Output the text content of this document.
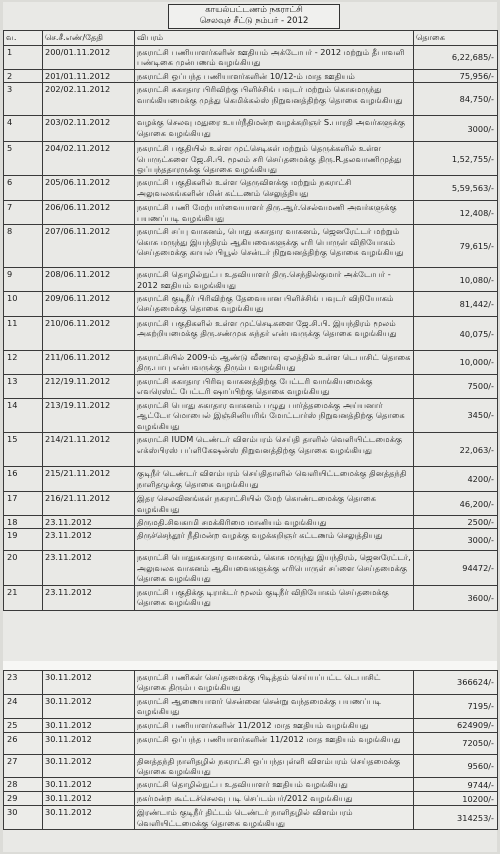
காயல்பட்டணம் நகராட்சி
செலவுச் சீட்டு நம்பர் - 2012
வ.	செ.சீ.எண்/தேதி	விபரம்	தொகை
1	200/01.11.2012	நகராட்சி பணியாளர்களின் ஊதியம் அக்டோபர் - 2012 மற்றும் தீபாவளி பண்டிகை முன்பணம் வழங்கியது	6,22,685/-
2	201/01.11.2012	நகராட்சி ஒப்பந்த பணியாளர்களின் 10/12-ம் மாத ஊதியம்	75,956/-
3	202/02.11.2012	நகராட்சி சுகாதார பிரிவிற்கு பிளிச்சிங் பவுடர் மற்றும் கொசுமருந்து வாங்கியமைக்கு முத்து கெமிக்கல்ஸ் நிறுவனத்திற்கு தொகை வழங்கியது	84,750/-
4	203/02.11.2012	வழக்கு செலவு மதுரை உயர்நீதிமன்ற வழக்கறிஞர் S.பாரதி அவர்களுக்கு தொகை வழங்கியது	3000/-
5	204/02.11.2012	நகராட்சி பகுதியில் உள்ள முட்செடிகள் மற்றும் தெருக்களில் உள்ள பொருட்களை ஜே.சி.பி. மூலம் சரி செய்தமைக்கு திரு.R.தலவாணிமுத்து ஒப்பந்ததாரருக்கு தொகை வழங்கியது	1,52,755/-
6	205/06.11.2012	நகராட்சி பகுதிகளில் உள்ள தெருவிளக்கு மற்றும் நகராட்சி அலுவலகங்களின் மின் கட்டணம் செலுத்தியது	5,59,563/-
7	206/06.11.2012	நகராட்சி பணி மேற்பார்வையாளர் திரு.ஆர்.செல்வமணி அவர்களுக்கு பயணப்படி வழங்கியது	12,408/-
8	207/06.11.2012	நகராட்சி சப்பு வாகனம், பொது சுகாதார வாகனம், ஜெனரேட்டர் மற்றும் கொசு மருந்து இயந்திரம் ஆகியவைகளுக்கு எரி பொருள் விநியோகம் செய்தமைக்கு காயல் பியூல் சென்டர் நிறுவனத்திற்கு தொகை வழங்கியது	79,615/-
9	208/06.11.2012	நகராட்சி தொழில்நுட்ப உதவியாளர் திரு.செந்தில்குமார் அக்டோபர் - 2012 ஊதியம் வழங்கியது	10,080/-
10	209/06.11.2012	நகராட்சி குடிநீர் பிரிவிற்கு தேவையான பிளிச்சிங் பவுடர் விநியோகம் செய்தமைக்கு தொகை வழங்கியது	81,442/-
11	210/06.11.2012	நகராட்சி பகுதிகளில் உள்ள முட்செடிகளை ஜே.சி.பி. இயந்திரம் மூலம் அகற்றியமைக்கு திரு.சண்முக சுந்தர் என்பவருக்கு தொகை வழங்கியது	40,075/-
12	211/06.11.2012	நகராட்சியில் 2009-ம் ஆண்டு வீணாவு ஏலத்தில் உள்ள டெபாசிட் தொகை திரு.பாபு என்பவருக்கு திரும்ப வழங்கியது	10,000/-
13	212/19.11.2012	நகராட்சி சுகாதார பிரிவு வாகனத்திற்கு பேட்டரி வாங்கியமைக்கு எவரெஸ்ட் பேட்டரி ஷாப்பிற்கு தொகை வழங்கியது	7500/-
14	213/19.11.2012	நகராட்சி பொது சுகாதார வாகனம் பழுது பார்த்தமைக்கு அய்யனார் ஆட்டோ மொபைல் இஞ்சினியரிங் மோட்டார்ஸ் நிறுவனத்திற்கு தொகை வழங்கியது	3450/-
15	214/21.11.2012	நகராட்சி IUDM டெண்டர் விளம்பரம் செய்தி தாளில் வெளியிட்டமைக்கு எக்ஸ்பிரஸ் பப்ளிகேஷன்ஸ் நிறுவனத்திற்கு தொகை வழங்கியது	22,063/-
16	215/21.11.2012	குடிநீர் டெண்டர் விளம்பரம் செய்திதாளில் வெளியிட்டமைக்கு தினத்தந்தி நாளிதழுக்கு தொகை வழங்கியது	4200/-
17	216/21.11.2012	இதர செலவினங்கள் நகராட்சியில் மேற் கொண்டமைக்கு தொகை வழங்கியது	46,200/-
18	23.11.2012	திருமதி.சிவகாமி சமக்கிரிமை மானியம் வழங்கியது	2500/-
19	23.11.2012	திருச்செந்தூர் நீதிமன்ற வழக்கு வழக்கறிஞர் கட்டணம் செலுத்தியது	3000/-
20	23.11.2012	நகராட்சி பொதுசுகாதார வாகனம், கொசு மருந்து இயந்திரம், ஜெனரேட்டர், அலுவலக வாகனம் ஆகியவைகளுக்கு எரிபொருள் சப்ளை செய்தமைக்கு தொகை வழங்கியது	94472/-
21	23.11.2012	நகராட்சி பகுதிக்கு டிராக்டர் மூலம் குடிநீர் விநியோகம் செய்தமைக்கு தொகை வழங்கியது	3600/-
23	30.11.2012	நகராட்சி பணிகள் செய்தமைக்கு பிடித்தம் செய்யப்பட்ட டெபாசிட் தொகை திரும்ப வழங்கியது	366624/-
24	30.11.2012	நகராட்சி ஆணையாளர் சென்னை சென்று வந்தமைக்கு பயணப்படி வழங்கியது	7195/-
25	30.11.2012	நகராட்சி பணியாளர்களின் 11/2012 மாத ஊதியம் வழங்கியது	624909/-
26	30.11.2012	நகராட்சி ஒப்பந்த பணியாளர்களின் 11/2012 மாத ஊதியம் வழங்கியது	72050/-
27	30.11.2012	தினத்தந்தி நாளிதழில் நகராட்சி ஒப்பந்தபுள்ளி விளம்பரம் செய்தமைக்கு தொகை வழங்கியது	9560/-
28	30.11.2012	நகராட்சி தொழில்நுட்ப உதவியாளர் ஊதியம் வழங்கியது	9744/-
29	30.11.2012	நகர்மன்ற கூட்டச்செலவு படி செப்டம்பர்/2012 வழங்கியது	10200/-
30	30.11.2012	இரண்டாம் குடிநீர் திட்டம் டெண்டர் நாளிதழில் விளம்பரம் வெளியிட்டமைக்கு தொகை வழங்கியது	314253/-
